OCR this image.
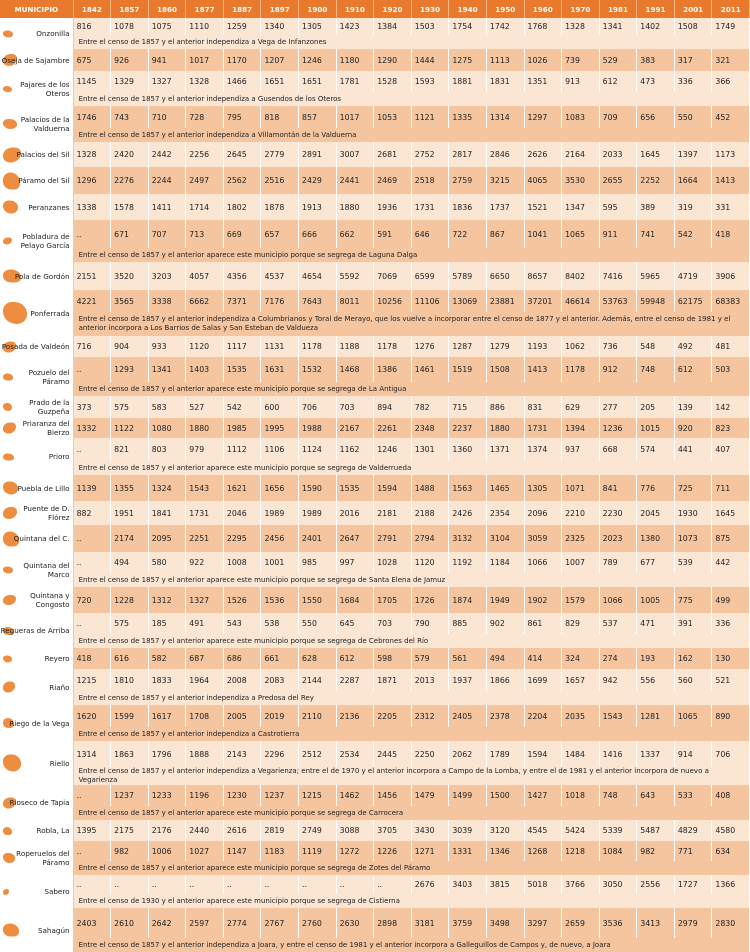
MUNICIPIO	1842	1857	1860	1877	1887	1897	1900	1910	1920	1930	1940	1950	1960	1970	1981	1991	2001	2011

Onzonilla	816	1078	1075	1110	1259	1340	1305	1423	1384	1503	1754	1742	1768	1328	1341	1402	1508	1749
	Entre el censo de 1857 y el anterior independiza a Vega de Infanzones																	

Oseja de Sajambre	675	926	941	1017	1170	1207	1246	1180	1290	1444	1275	1113	1026	739	529	383	317	321

Pajares de los Oteros	1145	1329	1327	1328	1466	1651	1651	1781	1528	1593	1881	1831	1351	913	612	473	336	366
	Entre el censo de 1857 y el anterior independiza a Gusendos de los Oteros																	

Palacios de la Valduerna	1746	743	710	728	795	818	857	1017	1053	1121	1335	1314	1297	1083	709	656	550	452
	Entre el censo de 1857 y el anterior independiza a Villamontán de la Valduerna																	

Palacios del Sil	1328	2420	2442	2256	2645	2779	2891	3007	2681	2752	2817	2846	2626	2164	2033	1645	1397	1173

Páramo del Sil	1296	2276	2244	2497	2562	2516	2429	2441	2469	2518	2759	3215	4065	3530	2655	2252	1664	1413

Peranzanes	1338	1578	1411	1714	1802	1878	1913	1880	1936	1731	1836	1737	1521	1347	595	389	319	331

Pobladura de Pelayo García	..	671	707	713	669	657	666	662	591	646	722	867	1041	1065	911	741	542	418
	Entre el censo de 1857 y el anterior aparece este municipio porque se segrega de Laguna Dalga																	

Pola de Gordón	2151	3520	3203	4057	4356	4537	4654	5592	7069	6599	5789	6650	8657	8402	7416	5965	4719	3906

Ponferrada	4221	3565	3338	6662	7371	7176	7643	8011	10256	11106	13069	23881	37201	46614	53763	59948	62175	68383
	Entre el censo de 1857 y el anterior independiza a Columbrianos y Toral de Merayo, que los vuelve a incorporar entre el censo de 1877 y el anterior. Además, entre el censo de 1981 y el anterior incorpora a Los Barrios de Salas y San Esteban de Valdueza																	

Posada de Valdeón	716	904	933	1120	1117	1131	1178	1188	1178	1276	1287	1279	1193	1062	736	548	492	481

Pozuelo del Páramo	..	1293	1341	1403	1535	1631	1532	1468	1386	1461	1519	1508	1413	1178	912	748	612	503
	Entre el censo de 1857 y el anterior aparece este municipio porque se segrega de La Antigua																	

Prado de la Guzpeña	373	575	583	527	542	600	706	703	894	782	715	886	831	629	277	205	139	142

Priaranza del Bierzo	1332	1122	1080	1880	1985	1995	1988	2167	2261	2348	2237	1880	1731	1394	1236	1015	920	823

Prioro	..	821	803	979	1112	1106	1124	1162	1246	1301	1360	1371	1374	937	668	574	441	407
	Entre el censo de 1857 y el anterior aparece este municipio porque se segrega de Valderrueda																	

Puebla de Lillo	1139	1355	1324	1543	1621	1656	1590	1535	1594	1488	1563	1465	1305	1071	841	776	725	711

Puente de D. Flórez	882	1951	1841	1731	2046	1989	1989	2016	2181	2188	2426	2354	2096	2210	2230	2045	1930	1645

Quintana del C.	..	2174	2095	2251	2295	2456	2401	2647	2791	2794	3132	3104	3059	2325	2023	1380	1073	875

Quintana del Marco	..	494	580	922	1008	1001	985	997	1028	1120	1192	1184	1066	1007	789	677	539	442
	Entre el censo de 1857 y el anterior aparece este municipio porque se segrega de Santa Elena de Jamuz																	

Quintana y Congosto	720	1228	1312	1327	1526	1536	1550	1684	1705	1726	1874	1949	1902	1579	1066	1005	775	499

Regueras de Arriba	..	575	185	491	543	538	550	645	703	790	885	902	861	829	537	471	391	336
	Entre el censo de 1857 y el anterior aparece este municipio porque se segrega de Cebrones del Río																	

Reyero	418	616	582	687	686	661	628	612	598	579	561	494	414	324	274	193	162	130

Riaño	1215	1810	1833	1964	2008	2083	2144	2287	1871	2013	1937	1866	1699	1657	942	556	560	521
	Entre el censo de 1857 y el anterior independiza a Predosa del Rey																	

Riego de la Vega	1620	1599	1617	1708	2005	2019	2110	2136	2205	2312	2405	2378	2204	2035	1543	1281	1065	890
	Entre el censo de 1857 y el anterior independiza a Castrotierra																	

Riello	1314	1863	1796	1888	2143	2296	2512	2534	2445	2250	2062	1789	1594	1484	1416	1337	914	706
	Entre el censo de 1857 y el anterior independiza a Vegarienza; entre el de 1970 y el anterior incorpora a Campo de la Lomba, y entre el de 1981 y el anterior incorpora de nuevo a Vegarienza																	

Rioseco de Tapia	..	1237	1233	1196	1230	1237	1215	1462	1456	1479	1499	1500	1427	1018	748	643	533	408
	Entre el censo de 1857 y el anterior aparece este municipio porque se segrega de Carrocera																	

Robla, La	1395	2175	2176	2440	2616	2819	2749	3088	3705	3430	3039	3120	4545	5424	5339	5487	4829	4580

Roperuelos del Páramo	..	982	1006	1027	1147	1183	1119	1272	1226	1271	1331	1346	1268	1218	1084	982	771	634
	Entre el censo de 1857 y el anterior aparece este municipio porque se segrega de Zotes del Páramo																	

Sabero	..	..	..	..	..	..	..	..	..	2676	3403	3815	5018	3766	3050	2556	1727	1366
	Entre el censo de 1930 y el anterior aparece este municipio porque se segrega de Cistierna																	

Sahagún	2403	2610	2642	2597	2774	2767	2760	2630	2898	3181	3759	3498	3297	2659	3536	3413	2979	2830
	Entre el censo de 1857 y el anterior independiza a Joara, y entre el censo de 1981 y el anterior incorpora a Galleguillos de Campos y, de nuevo, a Joara																	
